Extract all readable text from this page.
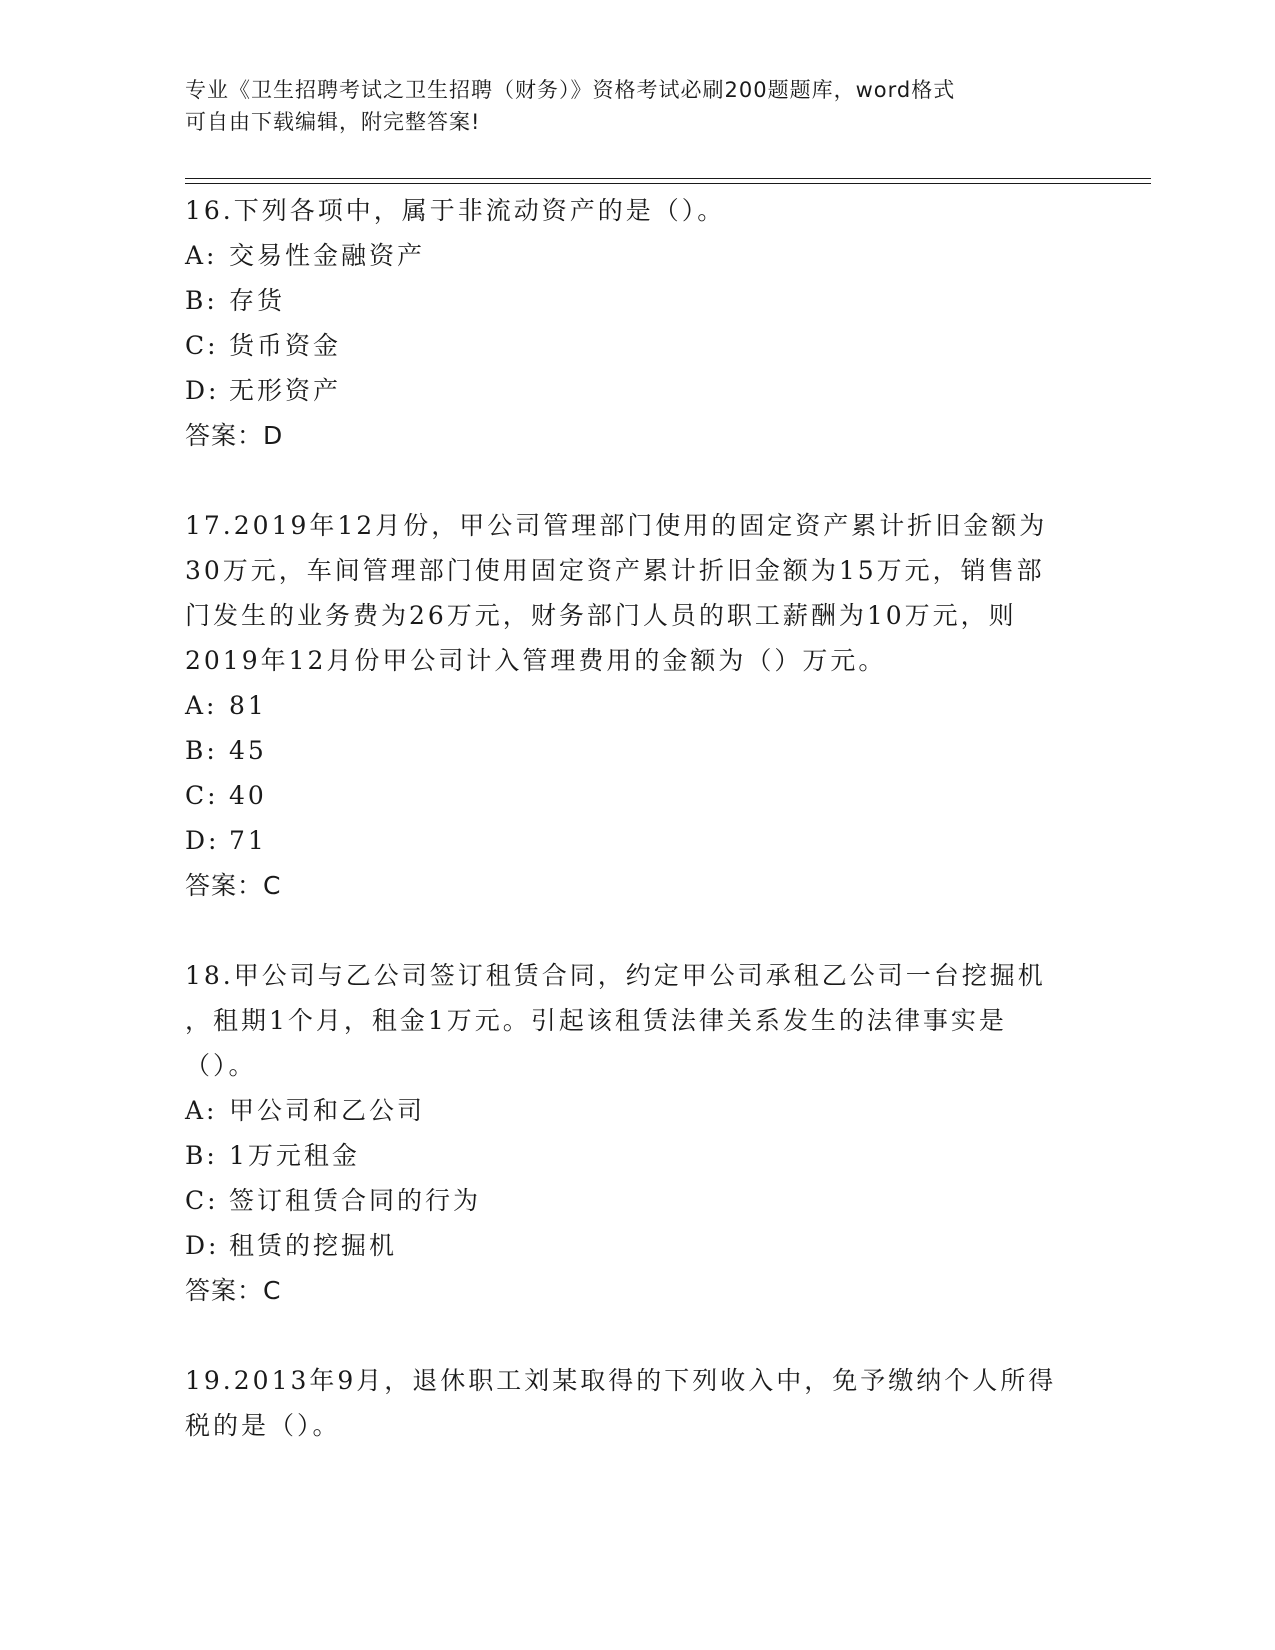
专业《卫生招聘考试之卫生招聘（财务）》资格考试必刷200题题库，word格式
可自由下载编辑，附完整答案!
16.下列各项中，属于非流动资产的是（）。
A: 交易性金融资产
B: 存货
C: 货币资金
D: 无形资产
答案：D
17.2019年12月份，甲公司管理部门使用的固定资产累计折旧金额为
30万元，车间管理部门使用固定资产累计折旧金额为15万元，销售部
门发生的业务费为26万元，财务部门人员的职工薪酬为10万元，则
2019年12月份甲公司计入管理费用的金额为（）万元。
A: 81
B: 45
C: 40
D: 71
答案：C
18.甲公司与乙公司签订租赁合同，约定甲公司承租乙公司一台挖掘机
，租期1个月，租金1万元。引起该租赁法律关系发生的法律事实是
（）。
A: 甲公司和乙公司
B: 1万元租金
C: 签订租赁合同的行为
D: 租赁的挖掘机
答案：C
19.2013年9月，退休职工刘某取得的下列收入中，免予缴纳个人所得
税的是（）。
